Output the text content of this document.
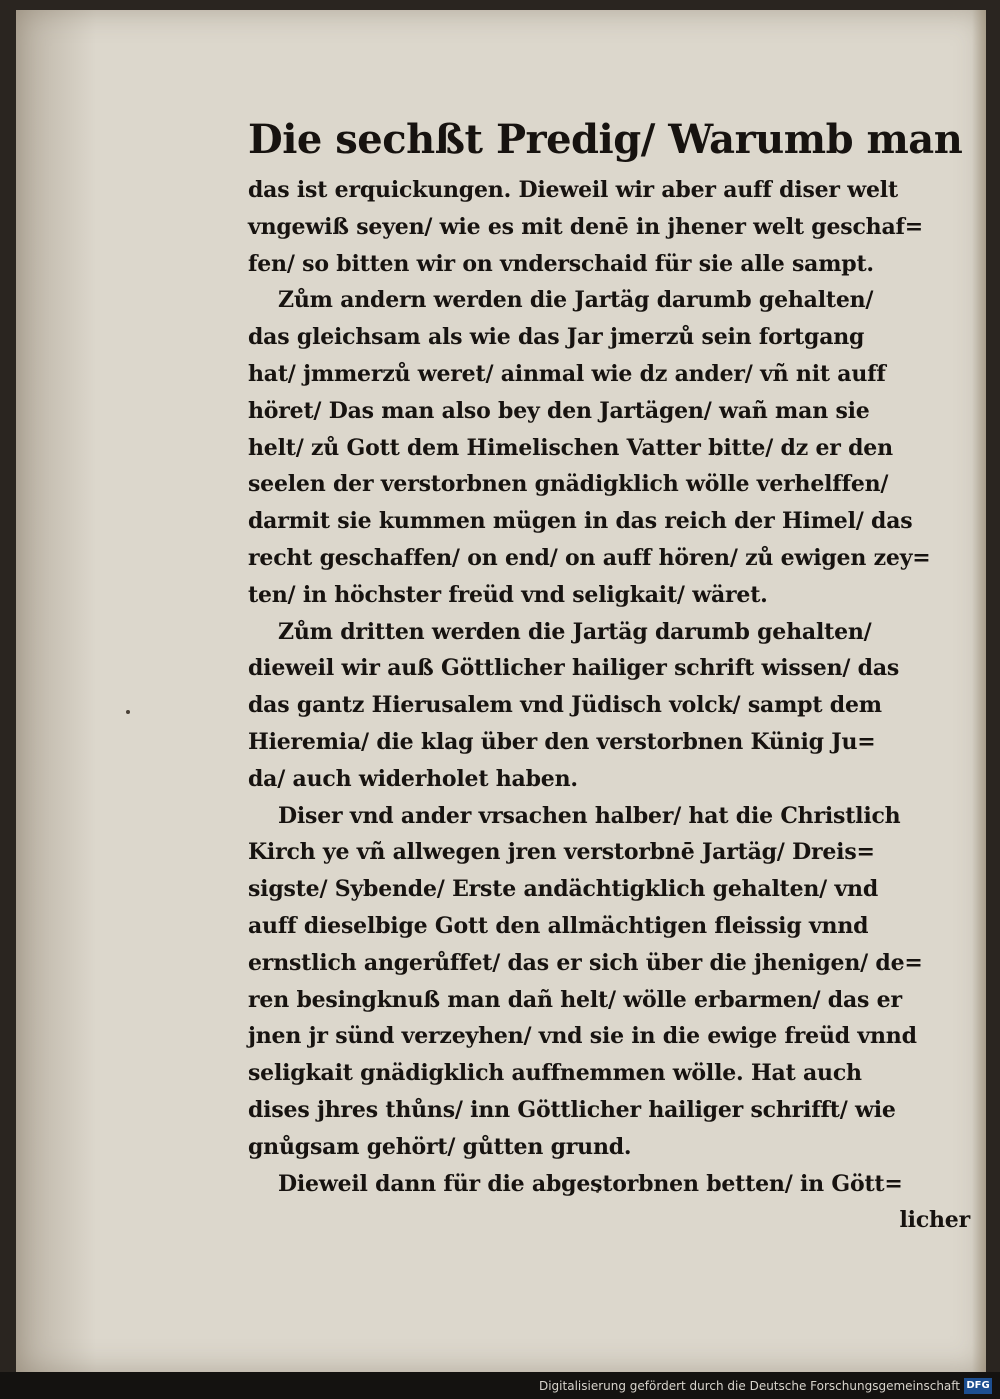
Die sechßt Predig/ Warumb man
das ist erquickungen. Dieweil wir aber auff diser welt
vngewiß seyen/ wie es mit denē in jhener welt geschaf=
fen/ so bitten wir on vnderschaid für sie alle sampt.
Zům andern werden die Jartäg darumb gehalten/
das gleichsam als wie das Jar jmerzů sein fortgang
hat/ jmmerzů weret/ ainmal wie dz ander/ vñ nit auff
höret/ Das man also bey den Jartägen/ wañ man sie
helt/ zů Gott dem Himelischen Vatter bitte/ dz er den
seelen der verstorbnen gnädigklich wölle verhelffen/
darmit sie kummen mügen in das reich der Himel/ das
recht geschaffen/ on end/ on auff hören/ zů ewigen zey=
ten/ in höchster freüd vnd seligkait/ wäret.
Zům dritten werden die Jartäg darumb gehalten/
dieweil wir auß Göttlicher hailiger schrift wissen/ das
das gantz Hierusalem vnd Jüdisch volck/ sampt dem
Hieremia/ die klag über den verstorbnen Künig Ju=
da/ auch widerholet haben.
Diser vnd ander vrsachen halber/ hat die Christlich
Kirch ye vñ allwegen jren verstorbnē Jartäg/ Dreis=
sigste/ Sybende/ Erste andächtigklich gehalten/ vnd
auff dieselbige Gott den allmächtigen fleissig vnnd
ernstlich angerůffet/ das er sich über die jhenigen/ de=
ren besingknuß man dañ helt/ wölle erbarmen/ das er
jnen jr sünd verzeyhen/ vnd sie in die ewige freüd vnnd
seligkait gnädigklich auffnemmen wölle. Hat auch
dises jhres thůns/ inn Göttlicher hailiger schrifft/ wie
gnůgsam gehört/ gůtten grund.
Dieweil dann für die abgestorbnen betten/ in Gött=
licher
Digitalisierung gefördert durch die Deutsche Forschungsgemeinschaft DFG
